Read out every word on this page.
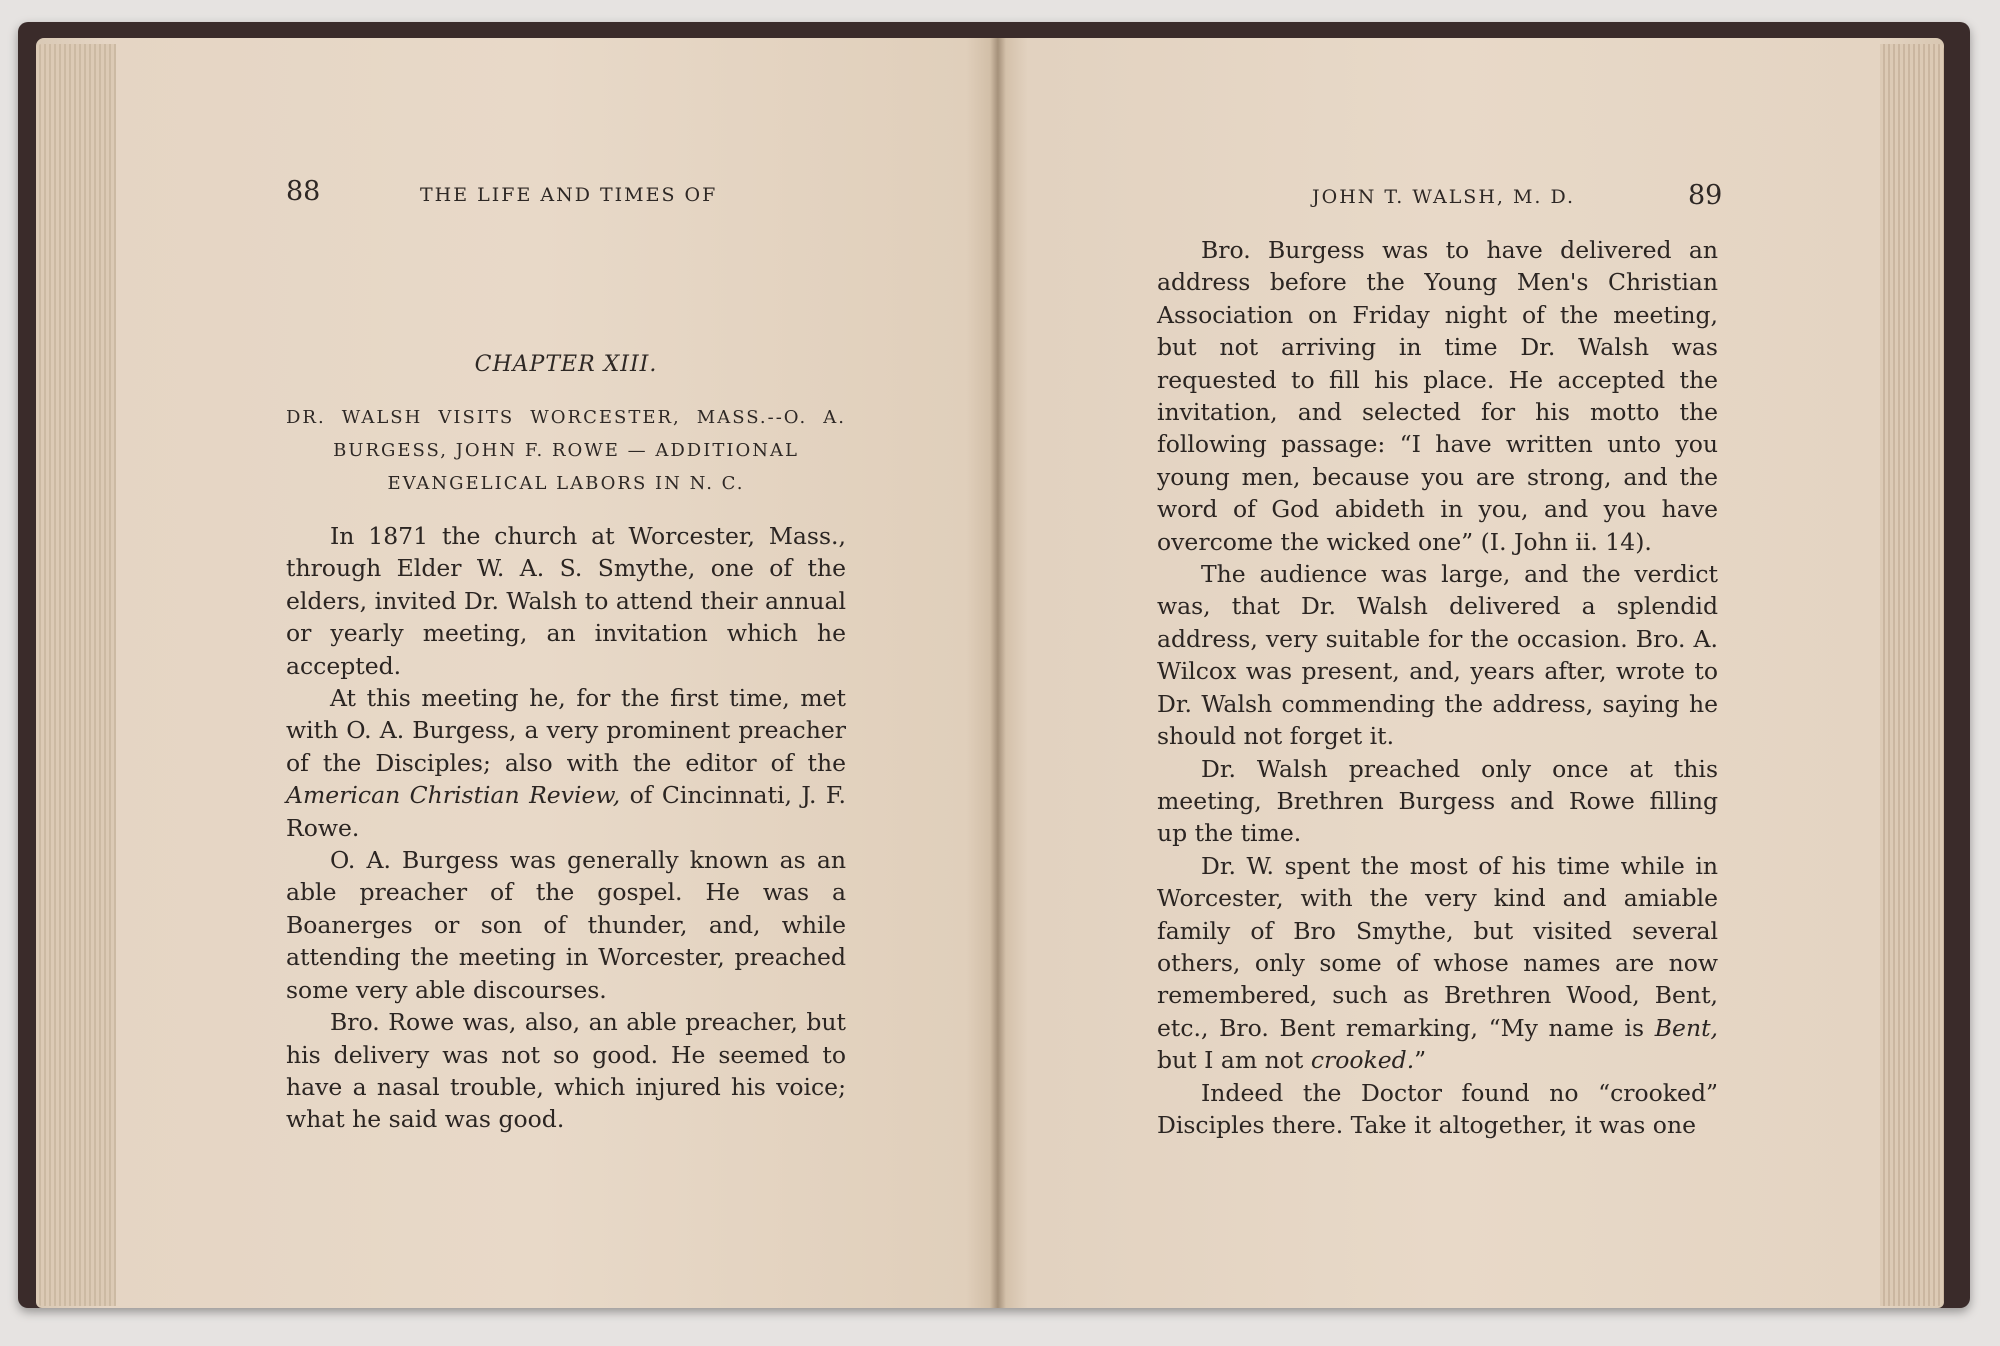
88	THE LIFE AND TIMES OF
CHAPTER XIII.
DR. WALSH VISITS WORCESTER, MASS.--O. A.
BURGESS, JOHN F. ROWE — ADDITIONAL
EVANGELICAL LABORS IN N. C.

In 1871 the church at Worcester, Mass., through Elder W. A. S. Smythe, one of the elders, invited Dr. Walsh to attend their annual or yearly meeting, an invitation which he accepted.

At this meeting he, for the first time, met with O. A. Burgess, a very prominent preacher of the Disciples; also with the editor of the American Christian Review, of Cincinnati, J. F. Rowe.

O. A. Burgess was generally known as an able preacher of the gospel. He was a Boanerges or son of thunder, and, while attending the meeting in Worcester, preached some very able discourses.

Bro. Rowe was, also, an able preacher, but his delivery was not so good. He seemed to have a nasal trouble, which injured his voice; what he said was good.

JOHN T. WALSH, M. D.	89

Bro. Burgess was to have delivered an address before the Young Men's Christian Association on Friday night of the meeting, but not arriving in time Dr. Walsh was requested to fill his place. He accepted the invitation, and selected for his motto the following passage: “I have written unto you young men, because you are strong, and the word of God abideth in you, and you have overcome the wicked one” (I. John ii. 14).

The audience was large, and the verdict was, that Dr. Walsh delivered a splendid address, very suitable for the occasion. Bro. A. Wilcox was present, and, years after, wrote to Dr. Walsh commending the address, saying he should not forget it.

Dr. Walsh preached only once at this meeting, Brethren Burgess and Rowe filling up the time.

Dr. W. spent the most of his time while in Worcester, with the very kind and amiable family of Bro Smythe, but visited several others, only some of whose names are now remembered, such as Brethren Wood, Bent, etc., Bro. Bent remarking, “My name is Bent, but I am not crooked.”

Indeed the Doctor found no “crooked” Disciples there. Take it altogether, it was one
